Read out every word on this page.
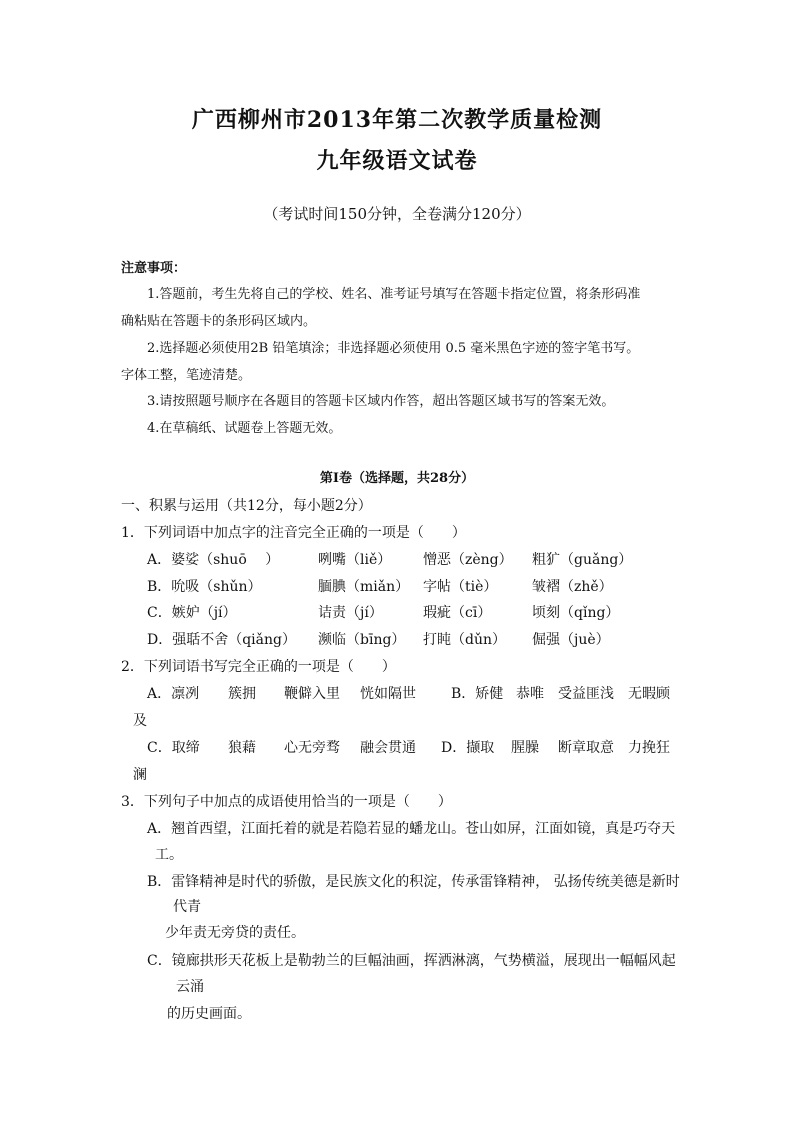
广西柳州市2013年第二次教学质量检测
九年级语文试卷
（考试时间150分钟，全卷满分120分）
注意事项：
1.答题前，考生先将自己的学校、姓名、准考证号填写在答题卡指定位置，将条形码准
确粘贴在答题卡的条形码区域内。
2.选择题必须使用2B 铅笔填涂；非选择题必须使用 0.5 毫米黑色字迹的签字笔书写。
字体工整，笔迹清楚。
3.请按照题号顺序在各题目的答题卡区域内作答，超出答题区域书写的答案无效。
4.在草稿纸、试题卷上答题无效。
第Ⅰ卷（选择题，共28分）
一、积累与运用（共12分，每小题2分）
1．下列词语中加点字的注音完全正确的一项是（　　）
A．婆娑（shuō　 ）	咧嘴（liě） 憎恶（zèng） 粗犷（guǎng）
B．吮吸（shǔn）	腼腆（miǎn） 字帖（tiè） 皱褶（zhě）
C．嫉妒（jí）	诘责（jí）	瑕疵（cī）	顷刻（qǐng）
D．强聒不舍（qiǎng） 濒临（bīng） 打盹（dǔn） 倔强（juè）
2．下列词语书写完全正确的一项是（　　）
A．凛冽 簇拥 鞭僻入里 恍如隔世	B．矫健 恭唯 受益匪浅 无暇顾
及
C．取缔 狼藉 心无旁骛 融会贯通 D．撷取 腥臊 断章取意 力挽狂
澜
3．下列句子中加点的成语使用恰当的一项是（　　）
A．翘首西望，江面托着的就是若隐若显的蟠龙山。苍山如屏，江面如镜，真是巧夺天
工。
B．雷锋精神是时代的骄傲，是民族文化的积淀，传承雷锋精神， 弘扬传统美德是新时
代青
少年责无旁贷的责任。
C．镜廊拱形天花板上是勒勃兰的巨幅油画，挥洒淋漓，气势横溢，展现出一幅幅风起
云涌
的历史画面。
